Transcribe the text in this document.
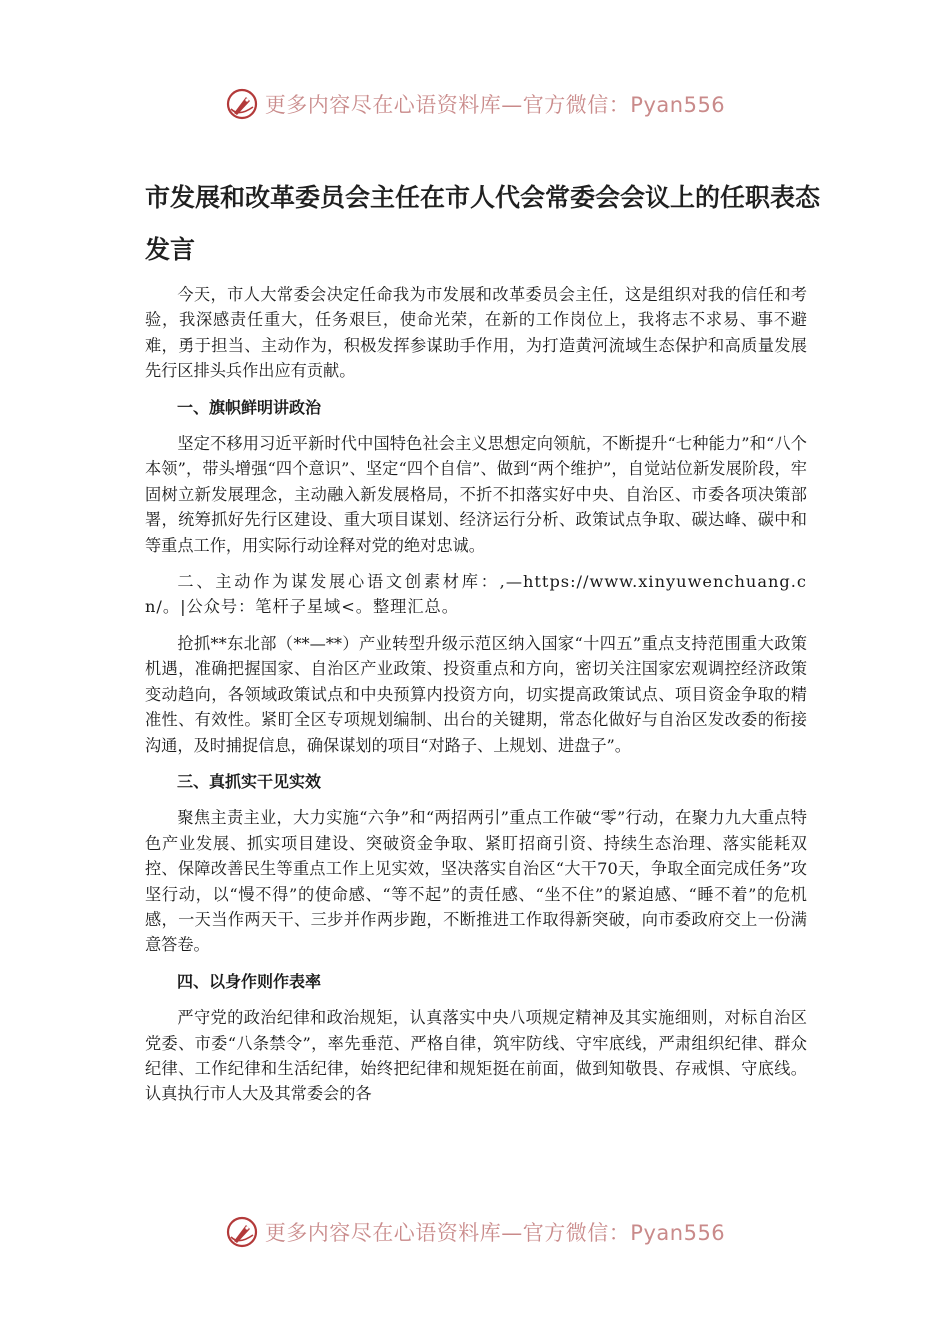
更多内容尽在心语资料库—官方微信：Pyan556
市发展和改革委员会主任在市人代会常委会会议上的任职表态发言

今天，市人大常委会决定任命我为市发展和改革委员会主任，这是组织对我的信任和考验，我深感责任重大，任务艰巨，使命光荣，在新的工作岗位上，我将志不求易、事不避难，勇于担当、主动作为，积极发挥参谋助手作用，为打造黄河流域生态保护和高质量发展先行区排头兵作出应有贡献。

一、旗帜鲜明讲政治

坚定不移用习近平新时代中国特色社会主义思想定向领航，不断提升“七种能力”和“八个本领”，带头增强“四个意识”、坚定“四个自信”、做到“两个维护”，自觉站位新发展阶段，牢固树立新发展理念，主动融入新发展格局，不折不扣落实好中央、自治区、市委各项决策部署，统筹抓好先行区建设、重大项目谋划、经济运行分析、政策试点争取、碳达峰、碳中和等重点工作，用实际行动诠释对党的绝对忠诚。

二、主动作为谋发展心语文创素材库：,—https://www.xinyuwenchuang.cn/。|公众号：笔杆子星域<。整理汇总。

抢抓**东北部（**—**）产业转型升级示范区纳入国家“十四五”重点支持范围重大政策机遇，准确把握国家、自治区产业政策、投资重点和方向，密切关注国家宏观调控经济政策变动趋向，各领域政策试点和中央预算内投资方向，切实提高政策试点、项目资金争取的精准性、有效性。紧盯全区专项规划编制、出台的关键期，常态化做好与自治区发改委的衔接沟通，及时捕捉信息，确保谋划的项目“对路子、上规划、进盘子”。

三、真抓实干见实效

聚焦主责主业，大力实施“六争”和“两招两引”重点工作破“零”行动，在聚力九大重点特色产业发展、抓实项目建设、突破资金争取、紧盯招商引资、持续生态治理、落实能耗双控、保障改善民生等重点工作上见实效，坚决落实自治区“大干70天，争取全面完成任务”攻坚行动，以“慢不得”的使命感、“等不起”的责任感、“坐不住”的紧迫感、“睡不着”的危机感，一天当作两天干、三步并作两步跑，不断推进工作取得新突破，向市委政府交上一份满意答卷。

四、以身作则作表率

严守党的政治纪律和政治规矩，认真落实中央八项规定精神及其实施细则，对标自治区党委、市委“八条禁令”，率先垂范、严格自律，筑牢防线、守牢底线，严肃组织纪律、群众纪律、工作纪律和生活纪律，始终把纪律和规矩挺在前面，做到知敬畏、存戒惧、守底线。认真执行市人大及其常委会的各

更多内容尽在心语资料库—官方微信：Pyan556
